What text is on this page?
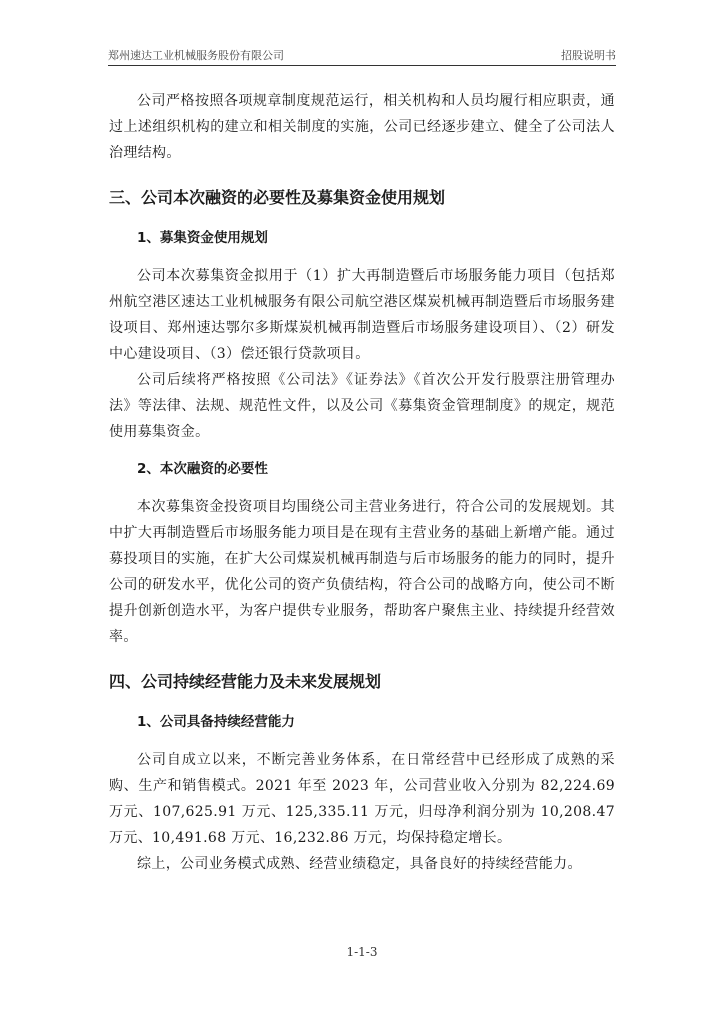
郑州速达工业机械服务股份有限公司	招股说明书

公司严格按照各项规章制度规范运行，相关机构和人员均履行相应职责，通过上述组织机构的建立和相关制度的实施，公司已经逐步建立、健全了公司法人治理结构。

三、公司本次融资的必要性及募集资金使用规划
1、募集资金使用规划

公司本次募集资金拟用于（1）扩大再制造暨后市场服务能力项目（包括郑州航空港区速达工业机械服务有限公司航空港区煤炭机械再制造暨后市场服务建设项目、郑州速达鄂尔多斯煤炭机械再制造暨后市场服务建设项目）、（2）研发中心建设项目、（3）偿还银行贷款项目。

公司后续将严格按照《公司法》《证券法》《首次公开发行股票注册管理办法》等法律、法规、规范性文件，以及公司《募集资金管理制度》的规定，规范使用募集资金。

2、本次融资的必要性

本次募集资金投资项目均围绕公司主营业务进行，符合公司的发展规划。其中扩大再制造暨后市场服务能力项目是在现有主营业务的基础上新增产能。通过募投项目的实施，在扩大公司煤炭机械再制造与后市场服务的能力的同时，提升公司的研发水平，优化公司的资产负债结构，符合公司的战略方向，使公司不断提升创新创造水平，为客户提供专业服务，帮助客户聚焦主业、持续提升经营效率。

四、公司持续经营能力及未来发展规划
1、公司具备持续经营能力

公司自成立以来，不断完善业务体系，在日常经营中已经形成了成熟的采购、生产和销售模式。2021 年至 2023 年，公司营业收入分别为 82,224.69 万元、107,625.91 万元、125,335.11 万元，归母净利润分别为 10,208.47 万元、10,491.68 万元、16,232.86 万元，均保持稳定增长。

综上，公司业务模式成熟、经营业绩稳定，具备良好的持续经营能力。

1-1-3
